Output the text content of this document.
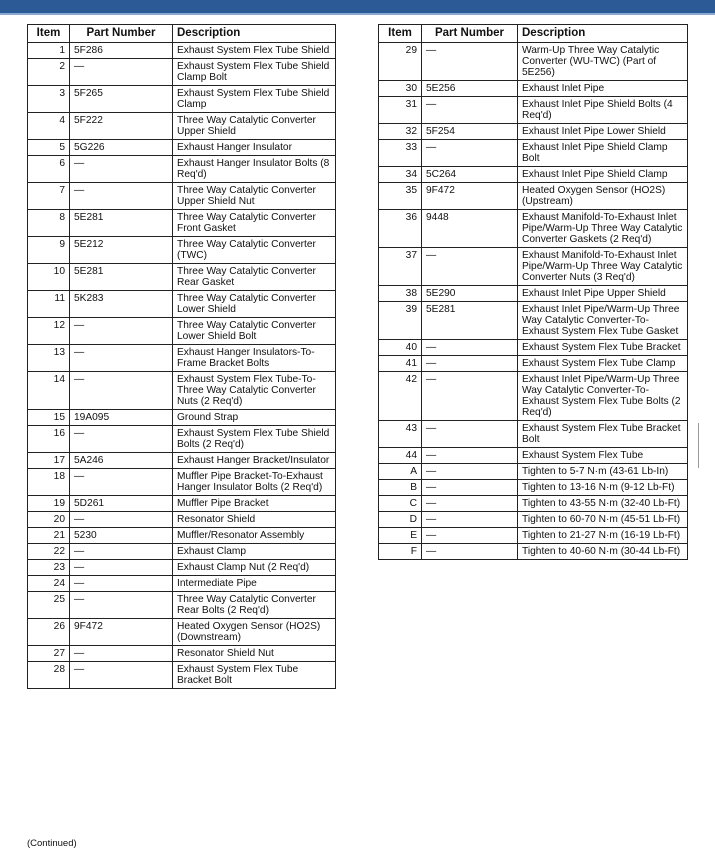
Item	Part Number	Description
1	5F286	Exhaust System Flex Tube Shield
2	—	Exhaust System Flex Tube Shield Clamp Bolt
3	5F265	Exhaust System Flex Tube Shield Clamp
4	5F222	Three Way Catalytic Converter Upper Shield
5	5G226	Exhaust Hanger Insulator
6	—	Exhaust Hanger Insulator Bolts (8 Req'd)
7	—	Three Way Catalytic Converter Upper Shield Nut
8	5E281	Three Way Catalytic Converter Front Gasket
9	5E212	Three Way Catalytic Converter (TWC)
10	5E281	Three Way Catalytic Converter Rear Gasket
11	5K283	Three Way Catalytic Converter Lower Shield
12	—	Three Way Catalytic Converter Lower Shield Bolt
13	—	Exhaust Hanger Insulators-To-Frame Bracket Bolts
14	—	Exhaust System Flex Tube-To-Three Way Catalytic Converter Nuts (2 Req'd)
15	19A095	Ground Strap
16	—	Exhaust System Flex Tube Shield Bolts (2 Req'd)
17	5A246	Exhaust Hanger Bracket/Insulator
18	—	Muffler Pipe Bracket-To-Exhaust Hanger Insulator Bolts (2 Req'd)
19	5D261	Muffler Pipe Bracket
20	—	Resonator Shield
21	5230	Muffler/Resonator Assembly
22	—	Exhaust Clamp
23	—	Exhaust Clamp Nut (2 Req'd)
24	—	Intermediate Pipe
25	—	Three Way Catalytic Converter Rear Bolts (2 Req'd)
26	9F472	Heated Oxygen Sensor (HO2S) (Downstream)
27	—	Resonator Shield Nut
28	—	Exhaust System Flex Tube Bracket Bolt
Item	Part Number	Description
29	—	Warm-Up Three Way Catalytic Converter (WU-TWC) (Part of 5E256)
30	5E256	Exhaust Inlet Pipe
31	—	Exhaust Inlet Pipe Shield Bolts (4 Req'd)
32	5F254	Exhaust Inlet Pipe Lower Shield
33	—	Exhaust Inlet Pipe Shield Clamp Bolt
34	5C264	Exhaust Inlet Pipe Shield Clamp
35	9F472	Heated Oxygen Sensor (HO2S) (Upstream)
36	9448	Exhaust Manifold-To-Exhaust Inlet Pipe/Warm-Up Three Way Catalytic Converter Gaskets (2 Req'd)
37	—	Exhaust Manifold-To-Exhaust Inlet Pipe/Warm-Up Three Way Catalytic Converter Nuts (3 Req'd)
38	5E290	Exhaust Inlet Pipe Upper Shield
39	5E281	Exhaust Inlet Pipe/Warm-Up Three Way Catalytic Converter-To-Exhaust System Flex Tube Gasket
40	—	Exhaust System Flex Tube Bracket
41	—	Exhaust System Flex Tube Clamp
42	—	Exhaust Inlet Pipe/Warm-Up Three Way Catalytic Converter-To-Exhaust System Flex Tube Bolts (2 Req'd)
43	—	Exhaust System Flex Tube Bracket Bolt
44	—	Exhaust System Flex Tube
A	—	Tighten to 5-7 N·m (43-61 Lb-In)
B	—	Tighten to 13-16 N·m (9-12 Lb-Ft)
C	—	Tighten to 43-55 N·m (32-40 Lb-Ft)
D	—	Tighten to 60-70 N·m (45-51 Lb-Ft)
E	—	Tighten to 21-27 N·m (16-19 Lb-Ft)
F	—	Tighten to 40-60 N·m (30-44 Lb-Ft)
(Continued)
